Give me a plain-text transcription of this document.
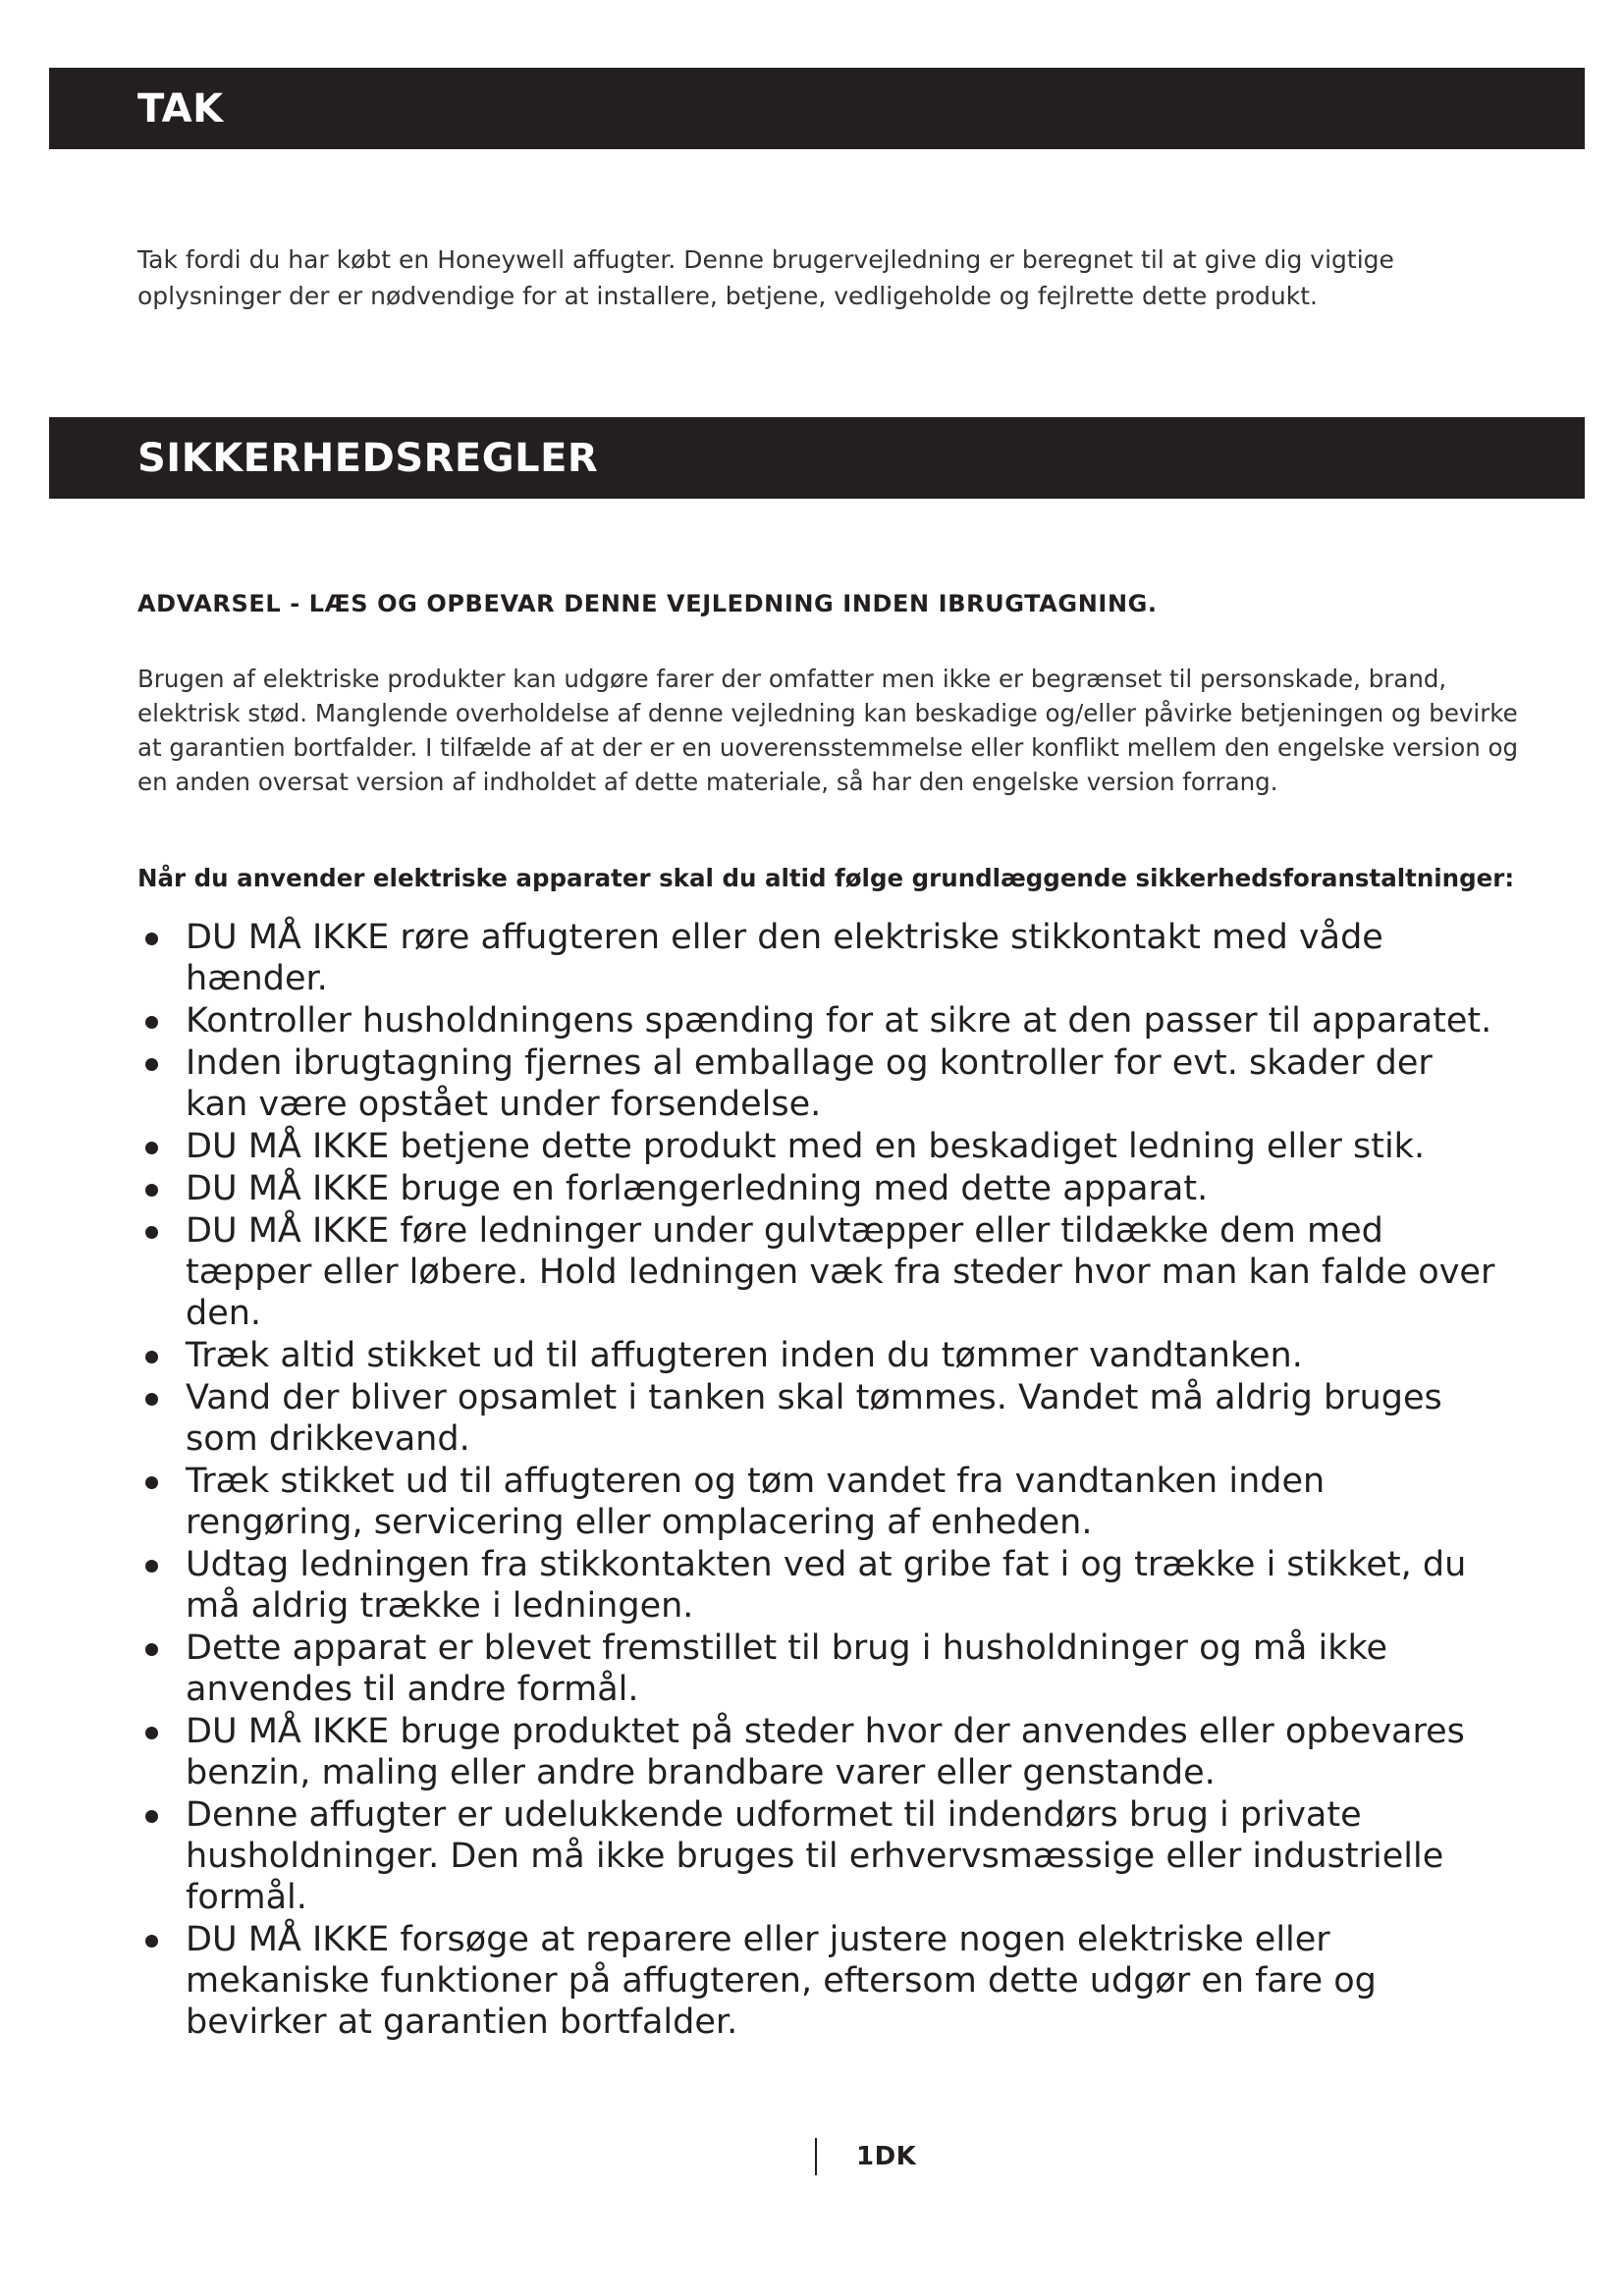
TAK

Tak fordi du har købt en Honeywell affugter. Denne brugervejledning er beregnet til at give dig vigtige oplysninger der er nødvendige for at installere, betjene, vedligeholde og fejlrette dette produkt.

SIKKERHEDSREGLER

ADVARSEL - LÆS OG OPBEVAR DENNE VEJLEDNING INDEN IBRUGTAGNING.

Brugen af elektriske produkter kan udgøre farer der omfatter men ikke er begrænset til personskade, brand, elektrisk stød. Manglende overholdelse af denne vejledning kan beskadige og/eller påvirke betjeningen og bevirke at garantien bortfalder. I tilfælde af at der er en uoverensstemmelse eller konflikt mellem den engelske version og en anden oversat version af indholdet af dette materiale, så har den engelske version forrang.

Når du anvender elektriske apparater skal du altid følge grundlæggende sikkerhedsforanstaltninger:

DU MÅ IKKE røre affugteren eller den elektriske stikkontakt med våde hænder.
Kontroller husholdningens spænding for at sikre at den passer til apparatet.
Inden ibrugtagning fjernes al emballage og kontroller for evt. skader der kan være opstået under forsendelse.
DU MÅ IKKE betjene dette produkt med en beskadiget ledning eller stik.
DU MÅ IKKE bruge en forlængerledning med dette apparat.
DU MÅ IKKE føre ledninger under gulvtæpper eller tildække dem med tæpper eller løbere. Hold ledningen væk fra steder hvor man kan falde over den.
Træk altid stikket ud til affugteren inden du tømmer vandtanken.
Vand der bliver opsamlet i tanken skal tømmes. Vandet må aldrig bruges som drikkevand.
Træk stikket ud til affugteren og tøm vandet fra vandtanken inden rengøring, servicering eller omplacering af enheden.
Udtag ledningen fra stikkontakten ved at gribe fat i og trække i stikket, du må aldrig trække i ledningen.
Dette apparat er blevet fremstillet til brug i husholdninger og må ikke anvendes til andre formål.
DU MÅ IKKE bruge produktet på steder hvor der anvendes eller opbevares benzin, maling eller andre brandbare varer eller genstande.
Denne affugter er udelukkende udformet til indendørs brug i private husholdninger. Den må ikke bruges til erhvervsmæssige eller industrielle formål.
DU MÅ IKKE forsøge at reparere eller justere nogen elektriske eller mekaniske funktioner på affugteren, eftersom dette udgør en fare og bevirker at garantien bortfalder.
1DK
